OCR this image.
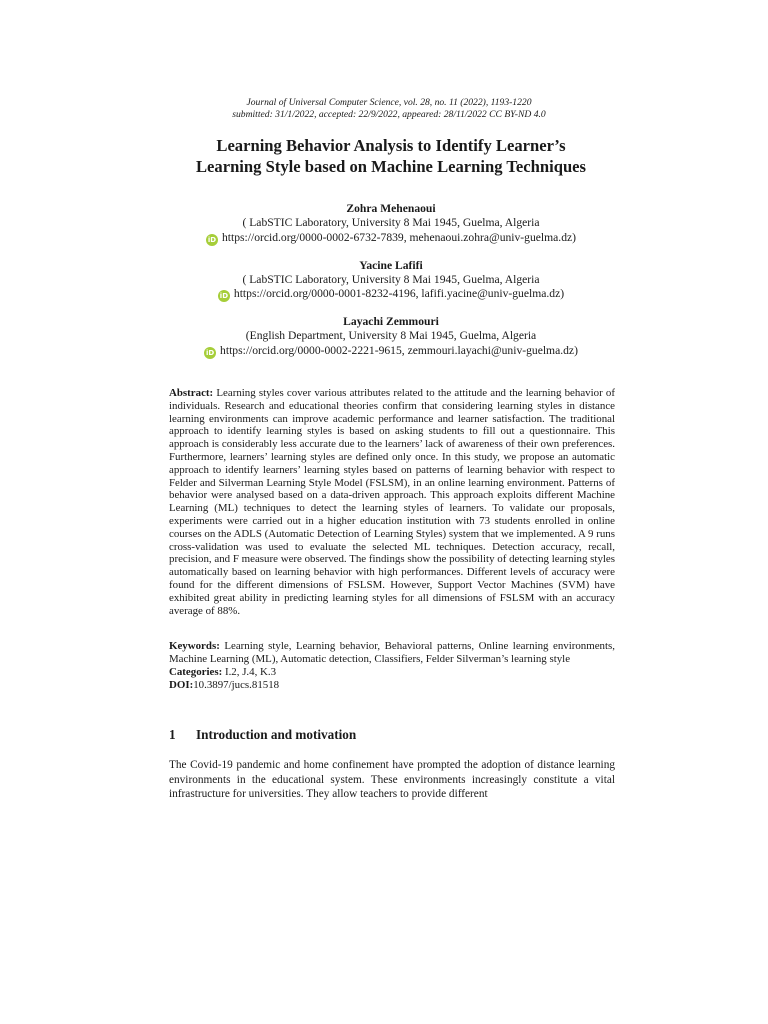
Journal of Universal Computer Science, vol. 28, no. 11 (2022), 1193-1220
submitted: 31/1/2022, accepted: 22/9/2022, appeared: 28/11/2022 CC BY-ND 4.0
Learning Behavior Analysis to Identify Learner’s
Learning Style based on Machine Learning Techniques
Zohra Mehenaoui
( LabSTIC Laboratory, University 8 Mai 1945, Guelma, Algeria
iD https://orcid.org/0000-0002-6732-7839, mehenaoui.zohra@univ-guelma.dz)
Yacine Lafifi
( LabSTIC Laboratory, University 8 Mai 1945, Guelma, Algeria
iD https://orcid.org/0000-0001-8232-4196, lafifi.yacine@univ-guelma.dz)
Layachi Zemmouri
(English Department, University 8 Mai 1945, Guelma, Algeria
iD https://orcid.org/0000-0002-2221-9615, zemmouri.layachi@univ-guelma.dz)
Abstract: Learning styles cover various attributes related to the attitude and the learning behavior of individuals. Research and educational theories confirm that considering learning styles in distance learning environments can improve academic performance and learner satisfaction. The traditional approach to identify learning styles is based on asking students to fill out a questionnaire. This approach is considerably less accurate due to the learners’ lack of awareness of their own preferences. Furthermore, learners’ learning styles are defined only once. In this study, we propose an automatic approach to identify learners’ learning styles based on patterns of learning behavior with respect to Felder and Silverman Learning Style Model (FSLSM), in an online learning environment. Patterns of behavior were analysed based on a data-driven approach. This approach exploits different Machine Learning (ML) techniques to detect the learning styles of learners. To validate our proposals, experiments were carried out in a higher education institution with 73 students enrolled in online courses on the ADLS (Automatic Detection of Learning Styles) system that we implemented. A 9 runs cross-validation was used to evaluate the selected ML techniques. Detection accuracy, recall, precision, and F measure were observed. The findings show the possibility of detecting learning styles automatically based on learning behavior with high performances. Different levels of accuracy were found for the different dimensions of FSLSM. However, Support Vector Machines (SVM) have exhibited great ability in predicting learning styles for all dimensions of FSLSM with an accuracy average of 88%.
Keywords: Learning style, Learning behavior, Behavioral patterns, Online learning environments, Machine Learning (ML), Automatic detection, Classifiers, Felder Silverman’s learning style
Categories: I.2, J.4, K.3
DOI:10.3897/jucs.81518
1 Introduction and motivation
The Covid-19 pandemic and home confinement have prompted the adoption of distance learning environments in the educational system. These environments increasingly constitute a vital infrastructure for universities. They allow teachers to provide different
